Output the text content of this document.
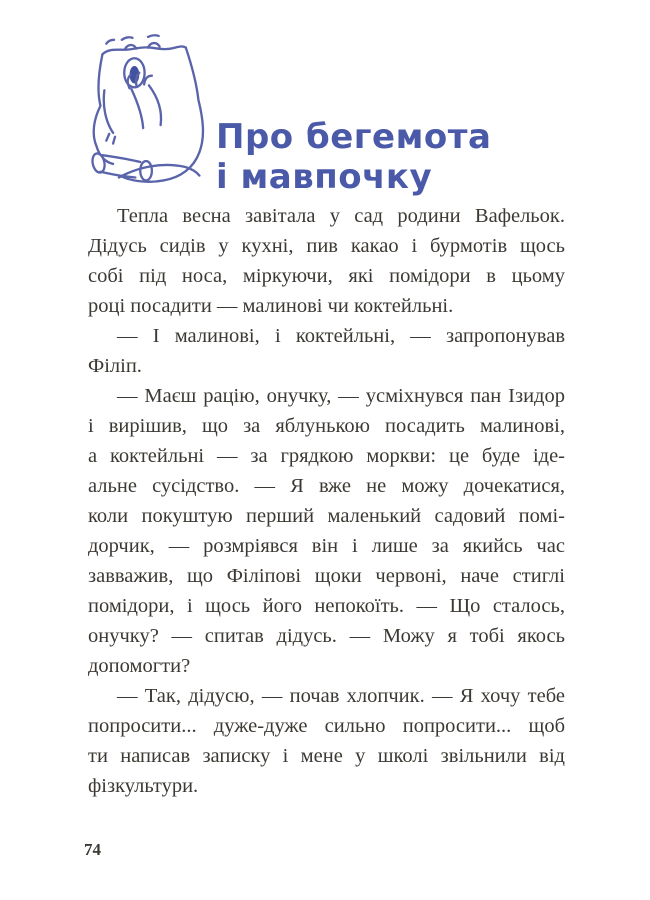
Про бегемота
і мавпочку
Тепла весна завітала у сад родини Вафельок.
Дідусь сидів у кухні, пив какао і бурмотів щось
собі під носа, міркуючи, які помідори в цьому
році посадити — малинові чи коктейльні.
— І малинові, і коктейльні, — запропонував
Філіп.
— Маєш рацію, онучку, — усміхнувся пан Ізидор
і вирішив, що за яблунькою посадить малинові,
а коктейльні — за грядкою моркви: це буде іде-
альне сусідство. — Я вже не можу дочекатися,
коли покуштую перший маленький садовий помі-
дорчик, — розмріявся він і лише за якийсь час
завважив, що Філіпові щоки червоні, наче стиглі
помідори, і щось його непокоїть. — Що сталось,
онучку? — спитав дідусь. — Можу я тобі якось
допомогти?
— Так, дідусю, — почав хлопчик. — Я хочу тебе
попросити... дуже-дуже сильно попросити... щоб
ти написав записку і мене у школі звільнили від
фізкультури.
74
